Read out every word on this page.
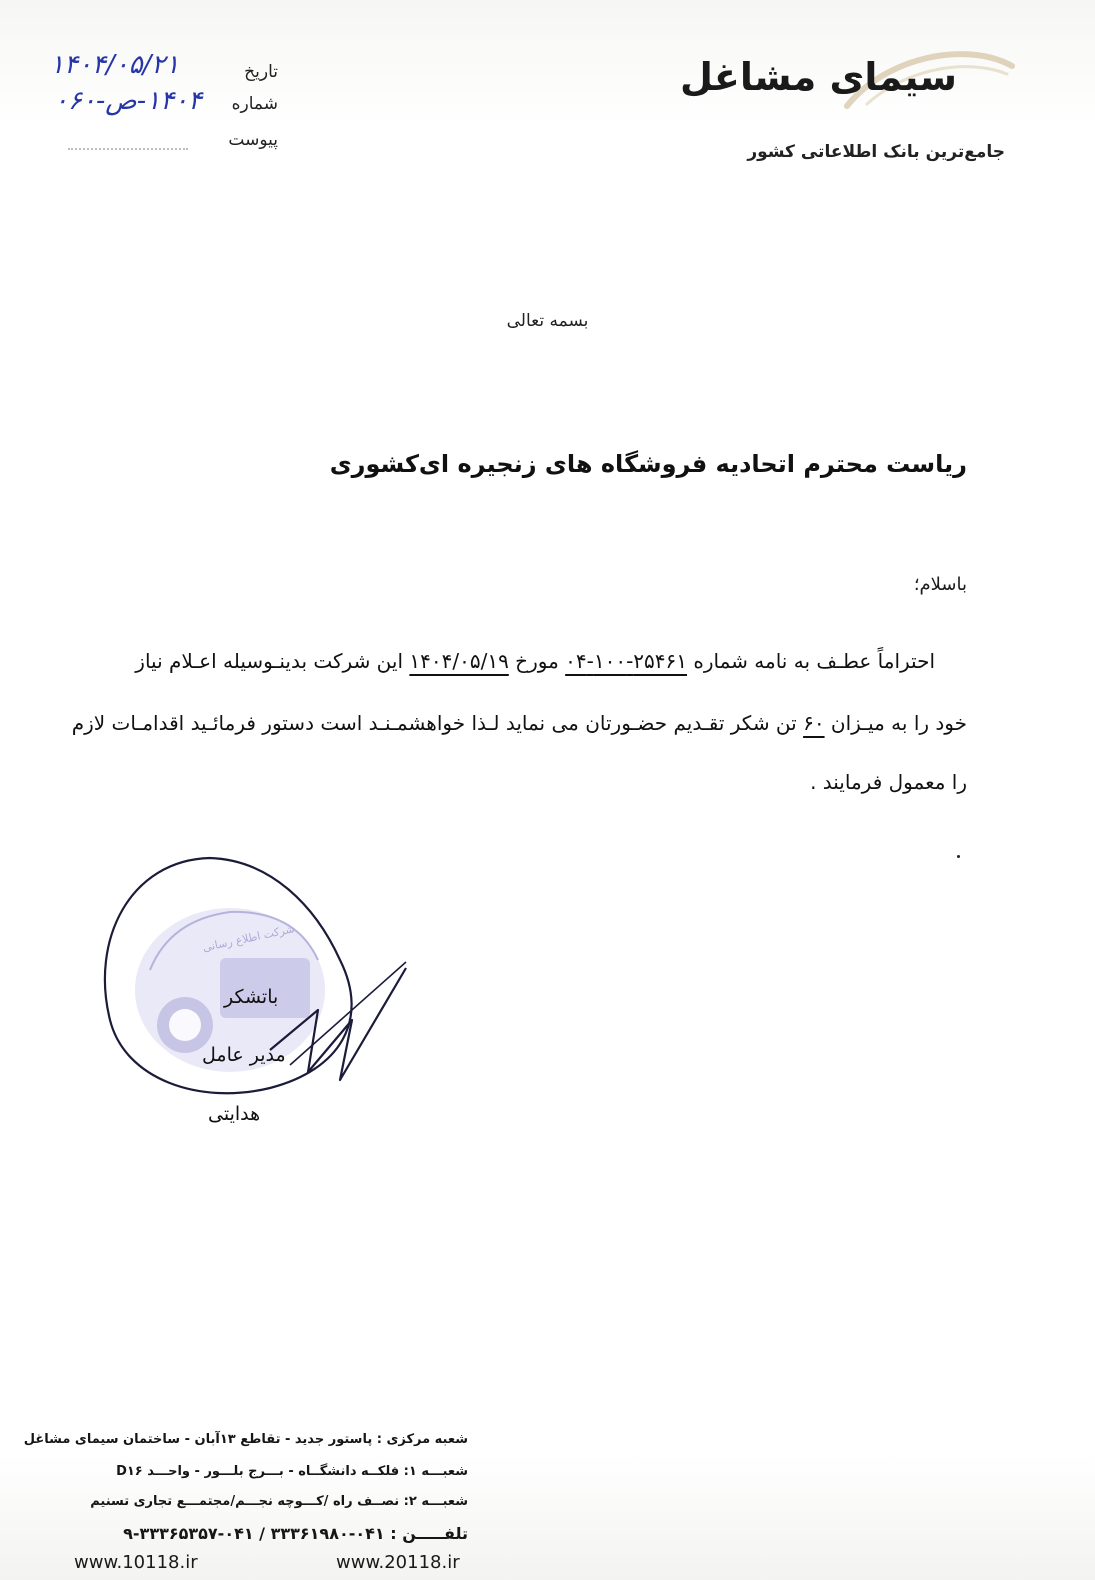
سیمای مشاغل
جامع‌ترین بانک اطلاعاتی کشور
۱۴۰۴/۰۵/۲۱
۱۴۰۴-ص-۰۶۰
تاریخ
شماره
پیوست
بسمه تعالی
ریاست محترم اتحادیه فروشگاه های زنجیره ای‌کشوری
باسلام؛
احتراماً عطـف به نامه شماره ۲۵۴۶۱-۱۰۰-۰۴ مورخ ۱۴۰۴/۰۵/۱۹ این شرکت بدینـوسیله اعـلام نیاز
خود را به میـزان ۶۰ تن شکر تقـدیم حضـورتان می نماید لـذا خواهشمـنـد است دستور فرمائـید اقدامـات لازم
را معمول فرمایند .
شرکت اطلاع رسانی
باتشکر
مدیر عامل
هدایتی
شعبه مرکزی : پاستور جدید - تقاطع ۱۳آبان - ساختمان سیمای مشاغل
شعبـــه ۱: فلکــه دانشگــاه - بـــرج بلـــور - واحـــد D۱۶
شعبـــه ۲: نصــف راه /کـــوچه نجـــم/مجتمـــع تجاری تسنیم
تلفـــــن : ۰۴۱-۳۳۳۶۱۹۸۰ / ۰۴۱-۳۳۳۶۵۳۵۷-۹
www.10118.ir	www.20118.ir
